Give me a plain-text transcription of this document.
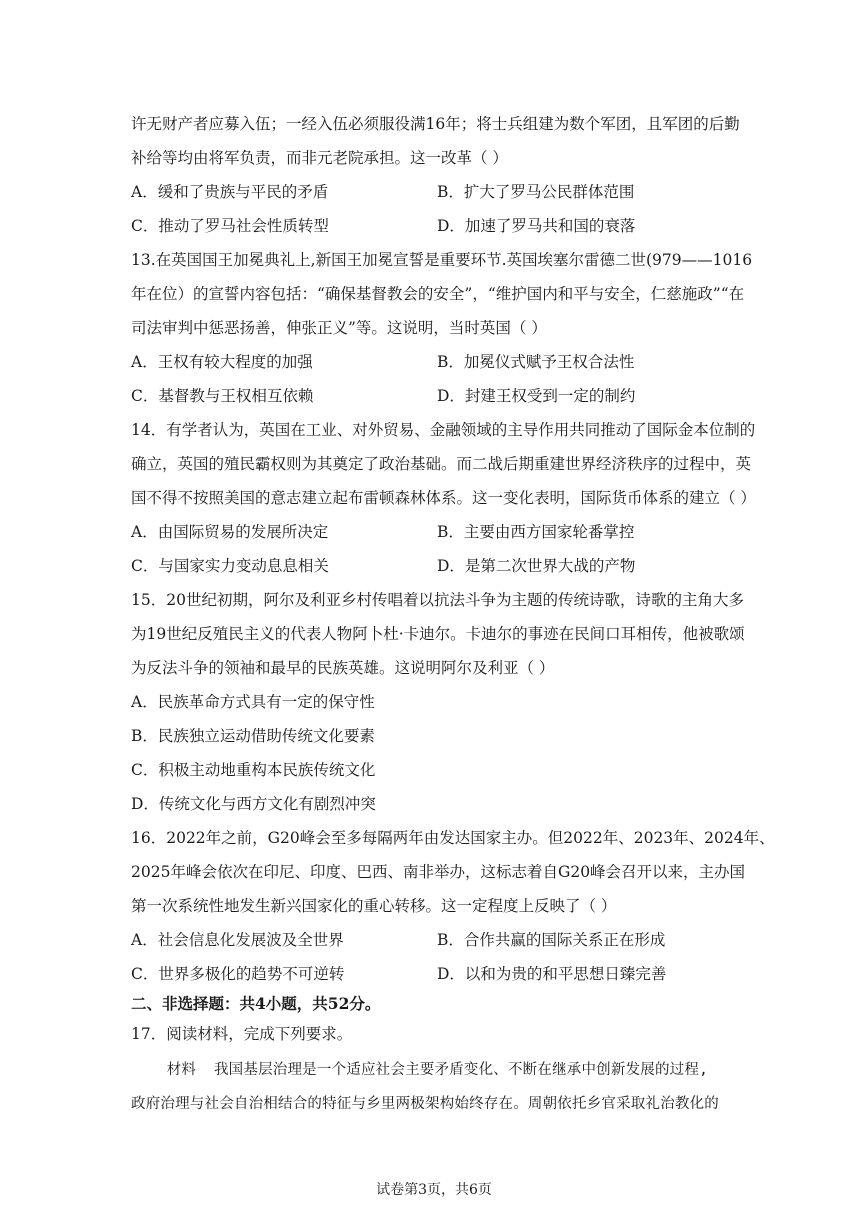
许无财产者应募入伍；一经入伍必须服役满16年；将士兵组建为数个军团，且军团的后勤
补给等均由将军负责，而非元老院承担。这一改革（ ）
A．缓和了贵族与平民的矛盾	B．扩大了罗马公民群体范围
C．推动了罗马社会性质转型	D．加速了罗马共和国的衰落
13.在英国国王加冕典礼上,新国王加冕宣誓是重要环节.英国埃塞尔雷德二世(979——1016
年在位）的宣誓内容包括：“确保基督教会的安全”，“维护国内和平与安全，仁慈施政”“在
司法审判中惩恶扬善，伸张正义”等。这说明，当时英国（ ）
A．王权有较大程度的加强	B．加冕仪式赋予王权合法性
C．基督教与王权相互依赖	D．封建王权受到一定的制约
14．有学者认为，英国在工业、对外贸易、金融领域的主导作用共同推动了国际金本位制的
确立，英国的殖民霸权则为其奠定了政治基础。而二战后期重建世界经济秩序的过程中，英
国不得不按照美国的意志建立起布雷顿森林体系。这一变化表明，国际货币体系的建立（ ）
A．由国际贸易的发展所决定	B．主要由西方国家轮番掌控
C．与国家实力变动息息相关	D．是第二次世界大战的产物
15．20世纪初期，阿尔及利亚乡村传唱着以抗法斗争为主题的传统诗歌，诗歌的主角大多
为19世纪反殖民主义的代表人物阿卜杜·卡迪尔。卡迪尔的事迹在民间口耳相传，他被歌颂
为反法斗争的领袖和最早的民族英雄。这说明阿尔及利亚（ ）
A．民族革命方式具有一定的保守性
B．民族独立运动借助传统文化要素
C．积极主动地重构本民族传统文化
D．传统文化与西方文化有剧烈冲突
16．2022年之前，G20峰会至多每隔两年由发达国家主办。但2022年、2023年、2024年、
2025年峰会依次在印尼、印度、巴西、南非举办，这标志着自G20峰会召开以来，主办国
第一次系统性地发生新兴国家化的重心转移。这一定程度上反映了（ ）
A．社会信息化发展波及全世界	B．合作共赢的国际关系正在形成
C．世界多极化的趋势不可逆转	D．以和为贵的和平思想日臻完善
二、非选择题：共4小题，共52分。
17．阅读材料，完成下列要求。
材料  我国基层治理是一个适应社会主要矛盾变化、不断在继承中创新发展的过程,
政府治理与社会自治相结合的特征与乡里两极架构始终存在。周朝依托乡官采取礼治教化的
试卷第3页，共6页
